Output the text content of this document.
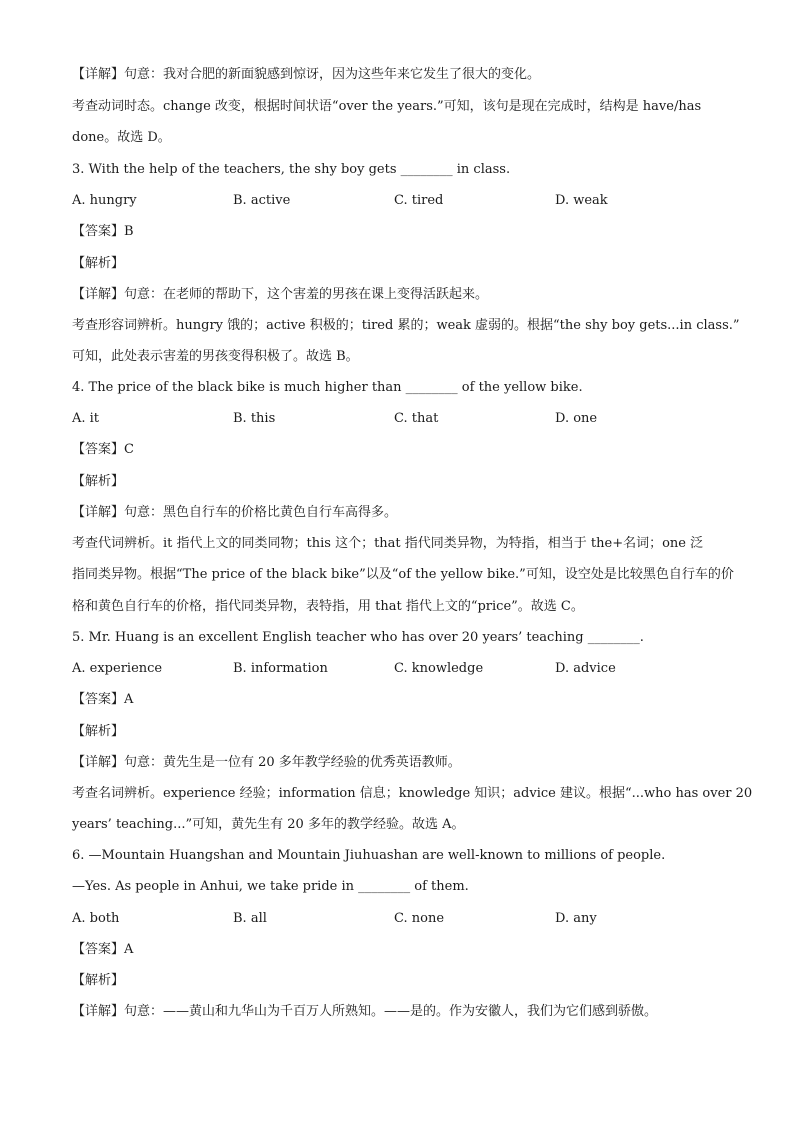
【详解】句意：我对合肥的新面貌感到惊讶，因为这些年来它发生了很大的变化。
考查动词时态。change 改变，根据时间状语“over the years.”可知，该句是现在完成时，结构是 have/has
done。故选 D。
3. With the help of the teachers, the shy boy gets ________ in class.
A. hungry	B. active	C. tired	D. weak
【答案】B
【解析】
【详解】句意：在老师的帮助下，这个害羞的男孩在课上变得活跃起来。
考查形容词辨析。hungry 饿的；active 积极的；tired 累的；weak 虚弱的。根据“the shy boy gets...in class.”
可知，此处表示害羞的男孩变得积极了。故选 B。
4. The price of the black bike is much higher than ________ of the yellow bike.
A. it	B. this	C. that	D. one
【答案】C
【解析】
【详解】句意：黑色自行车的价格比黄色自行车高得多。
考查代词辨析。it 指代上文的同类同物；this 这个；that 指代同类异物，为特指，相当于 the+名词；one 泛
指同类异物。根据“The price of the black bike”以及“of the yellow bike.”可知，设空处是比较黑色自行车的价
格和黄色自行车的价格，指代同类异物，表特指，用 that 指代上文的“price”。故选 C。
5. Mr. Huang is an excellent English teacher who has over 20 years’ teaching ________.
A. experience	B. information	C. knowledge	D. advice
【答案】A
【解析】
【详解】句意：黄先生是一位有 20 多年教学经验的优秀英语教师。
考查名词辨析。experience 经验；information 信息；knowledge 知识；advice 建议。根据“...who has over 20
years’ teaching...”可知，黄先生有 20 多年的教学经验。故选 A。
6. —Mountain Huangshan and Mountain Jiuhuashan are well-known to millions of people.
—Yes. As people in Anhui, we take pride in ________ of them.
A. both	B. all	C. none	D. any
【答案】A
【解析】
【详解】句意：——黄山和九华山为千百万人所熟知。——是的。作为安徽人，我们为它们感到骄傲。
